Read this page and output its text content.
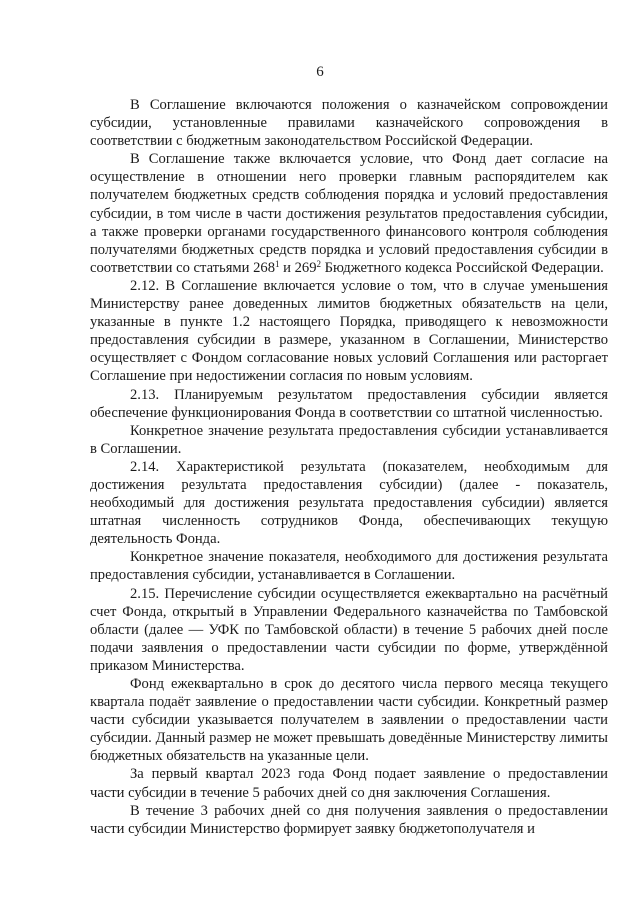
6

В Соглашение включаются положения о казначейском сопровождении субсидии, установленные правилами казначейского сопровождения в соответствии с бюджетным законодательством Российской Федерации.

В Соглашение также включается условие, что Фонд дает согласие на осуществление в отношении него проверки главным распорядителем как получателем бюджетных средств соблюдения порядка и условий предоставления субсидии, в том числе в части достижения результатов предоставления субсидии, а также проверки органами государственного финансового контроля соблюдения получателями бюджетных средств порядка и условий предоставления субсидии в соответствии со статьями $268^1$ и $269^2$ Бюджетного кодекса Российской Федерации.

2.12. В Соглашение включается условие о том, что в случае уменьшения Министерству ранее доведенных лимитов бюджетных обязательств на цели, указанные в пункте 1.2 настоящего Порядка, приводящего к невозможности предоставления субсидии в размере, указанном в Соглашении, Министерство осуществляет с Фондом согласование новых условий Соглашения или расторгает Соглашение при недостижении согласия по новым условиям.

2.13. Планируемым результатом предоставления субсидии является обеспечение функционирования Фонда в соответствии со штатной численностью.

Конкретное значение результата предоставления субсидии устанавливается в Соглашении.

2.14. Характеристикой результата (показателем, необходимым для достижения результата предоставления субсидии) (далее - показатель, необходимый для достижения результата предоставления субсидии) является штатная численность сотрудников Фонда, обеспечивающих текущую деятельность Фонда.

Конкретное значение показателя, необходимого для достижения результата предоставления субсидии, устанавливается в Соглашении.

2.15. Перечисление субсидии осуществляется ежеквартально на расчётный счет Фонда, открытый в Управлении Федерального казначейства по Тамбовской области (далее — УФК по Тамбовской области) в течение 5 рабочих дней после подачи заявления о предоставлении части субсидии по форме, утверждённой приказом Министерства.

Фонд ежеквартально в срок до десятого числа первого месяца текущего квартала подаёт заявление о предоставлении части субсидии. Конкретный размер части субсидии указывается получателем в заявлении о предоставлении части субсидии. Данный размер не может превышать доведённые Министерству лимиты бюджетных обязательств на указанные цели.

За первый квартал 2023 года Фонд подает заявление о предоставлении части субсидии в течение 5 рабочих дней со дня заключения Соглашения.

В течение 3 рабочих дней со дня получения заявления о предоставлении части субсидии Министерство формирует заявку бюджетополучателя и
